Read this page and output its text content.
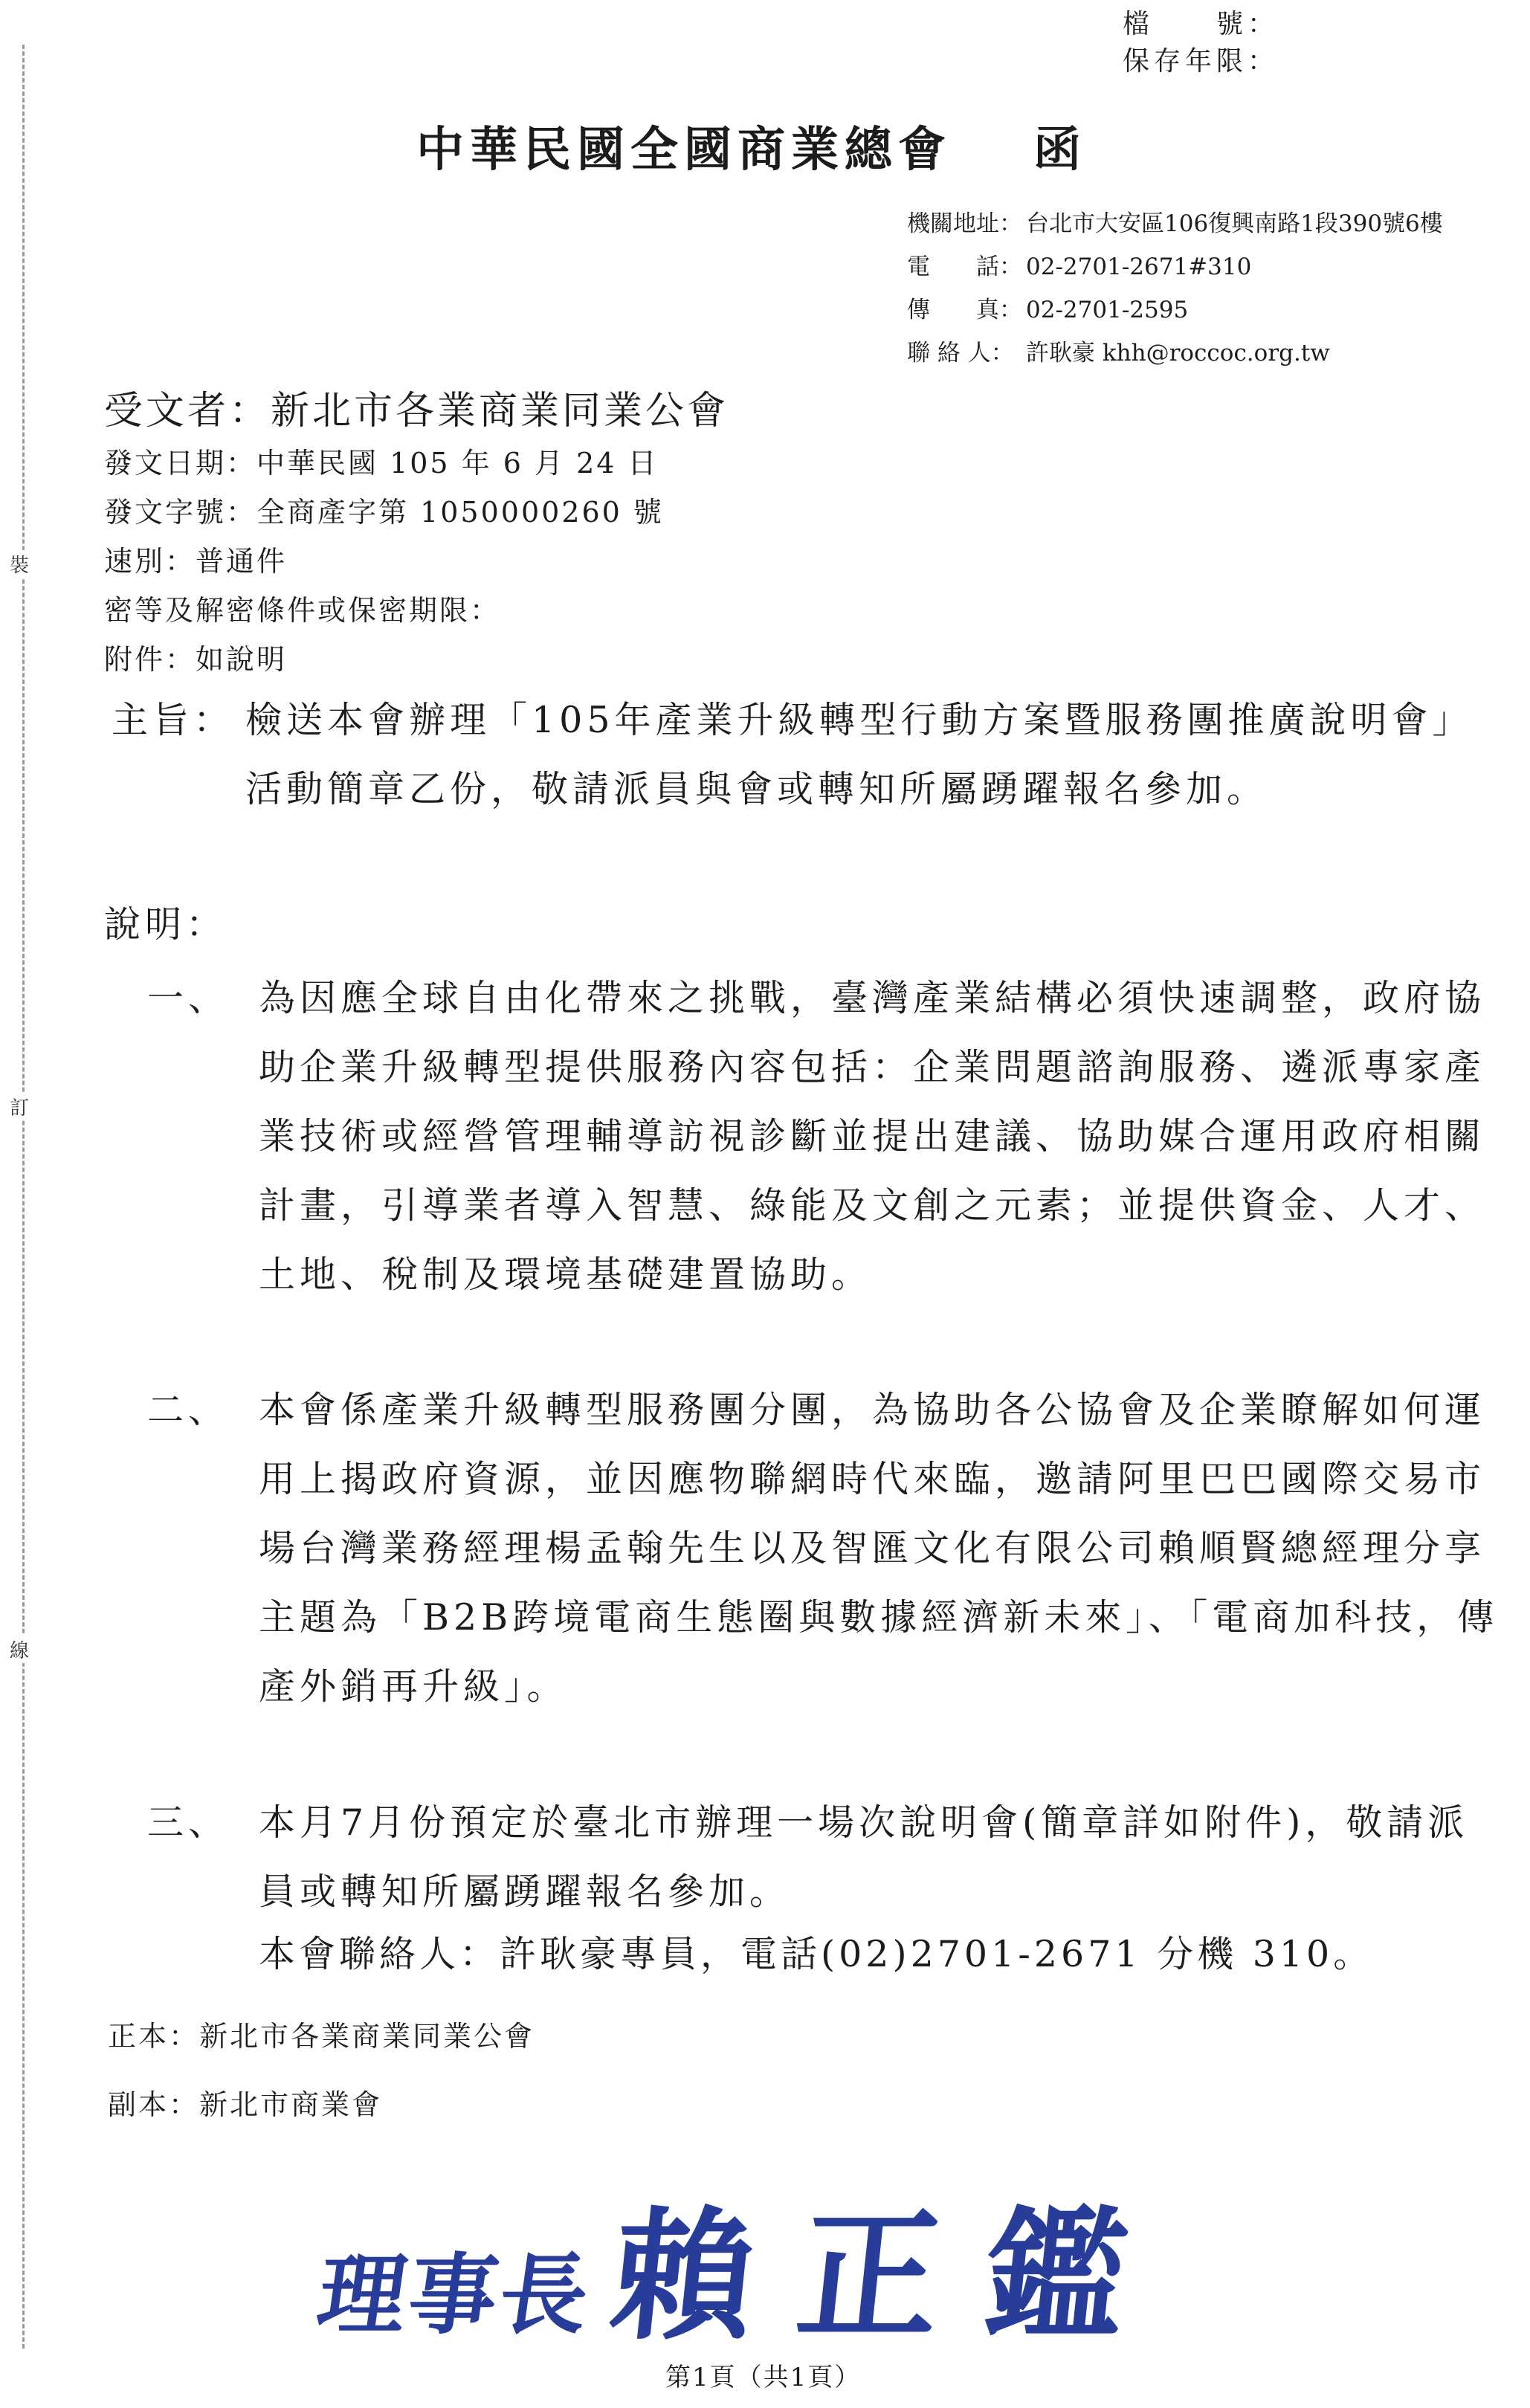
裝
訂
線
檔　　號：
保存年限：
中華民國全國商業總會 函
機關地址： 台北市大安區106復興南路1段390號6樓
電　　話： 02-2701-2671#310
傳　　真： 02-2701-2595
聯 絡 人： 許耿豪 khh@roccoc.org.tw
受文者：新北市各業商業同業公會
發文日期：中華民國 105 年 6 月 24 日
發文字號：全商產字第 1050000260 號
速別：普通件
密等及解密條件或保密期限：
附件：如說明
主旨： 檢送本會辦理「105年產業升級轉型行動方案暨服務團推廣說明會」活動簡章乙份，敬請派員與會或轉知所屬踴躍報名參加。
說明：
一、 為因應全球自由化帶來之挑戰，臺灣產業結構必須快速調整，政府協助企業升級轉型提供服務內容包括：企業問題諮詢服務、遴派專家產業技術或經營管理輔導訪視診斷並提出建議、協助媒合運用政府相關計畫，引導業者導入智慧、綠能及文創之元素；並提供資金、人才、土地、稅制及環境基礎建置協助。
二、 本會係產業升級轉型服務團分團，為協助各公協會及企業瞭解如何運用上揭政府資源，並因應物聯網時代來臨，邀請阿里巴巴國際交易市場台灣業務經理楊孟翰先生以及智匯文化有限公司賴順賢總經理分享主題為「B2B跨境電商生態圈與數據經濟新未來」、「電商加科技，傳產外銷再升級」。
三、 本月7月份預定於臺北市辦理一場次說明會(簡章詳如附件)，敬請派員或轉知所屬踴躍報名參加。
本會聯絡人：許耿豪專員，電話(02)2701-2671 分機 310。
正本：新北市各業商業同業公會
副本：新北市商業會
理事長賴正鑑
第1頁（共1頁）
